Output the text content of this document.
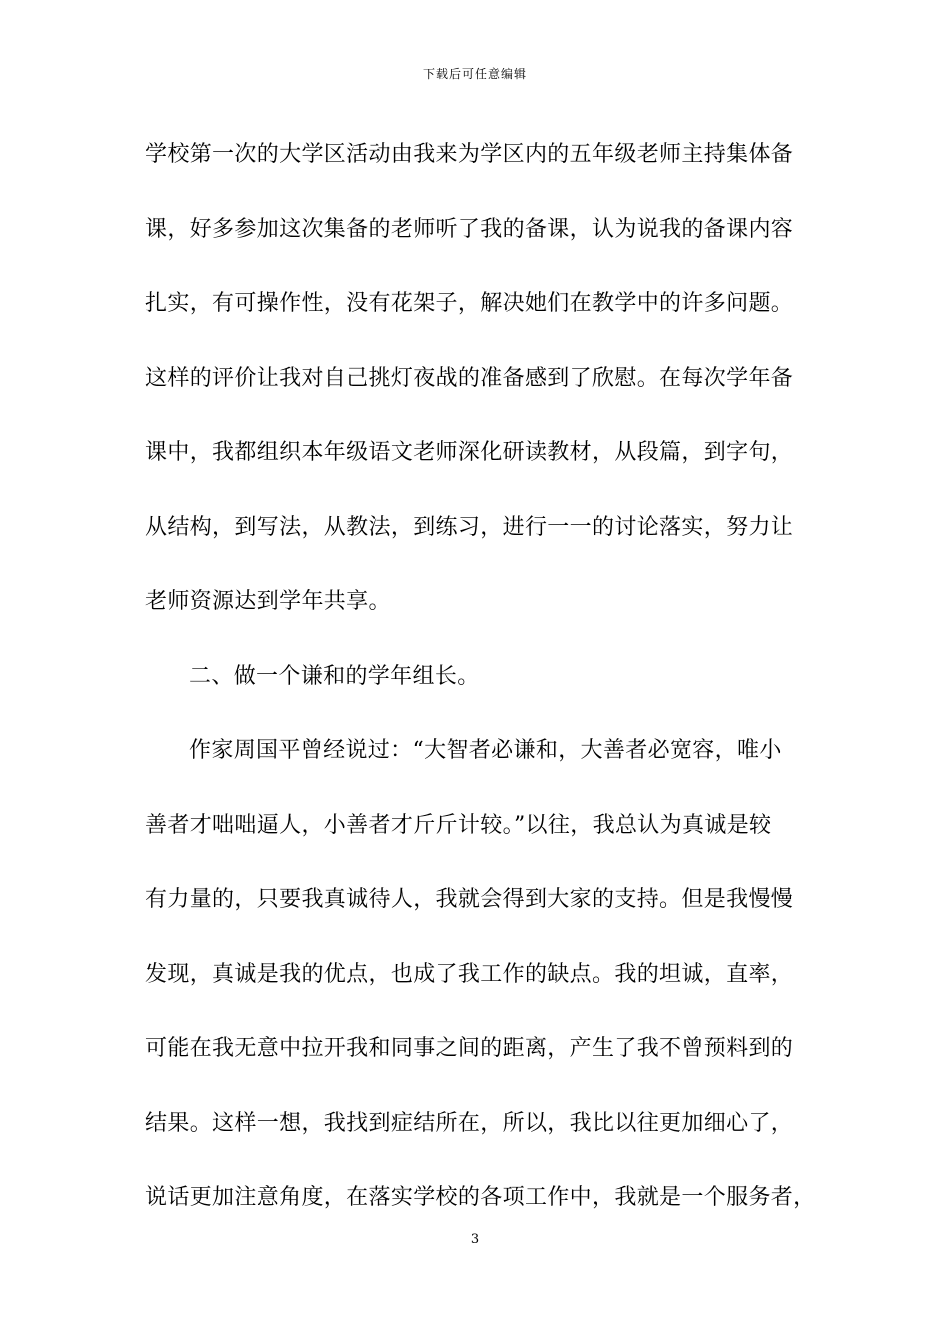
下载后可任意编辑
学校第一次的大学区活动由我来为学区内的五年级老师主持集体备
课，好多参加这次集备的老师听了我的备课，认为说我的备课内容
扎实，有可操作性，没有花架子，解决她们在教学中的许多问题。
这样的评价让我对自己挑灯夜战的准备感到了欣慰。在每次学年备
课中，我都组织本年级语文老师深化研读教材，从段篇，到字句，
从结构，到写法，从教法，到练习，进行一一的讨论落实，努力让
老师资源达到学年共享。
二、做一个谦和的学年组长。
作家周国平曾经说过：“大智者必谦和，大善者必宽容，唯小
善者才咄咄逼人，小善者才斤斤计较。”以往，我总认为真诚是较
有力量的，只要我真诚待人，我就会得到大家的支持。但是我慢慢
发现，真诚是我的优点，也成了我工作的缺点。我的坦诚，直率，
可能在我无意中拉开我和同事之间的距离，产生了我不曾预料到的
结果。这样一想，我找到症结所在，所以，我比以往更加细心了，
说话更加注意角度，在落实学校的各项工作中，我就是一个服务者，
3
